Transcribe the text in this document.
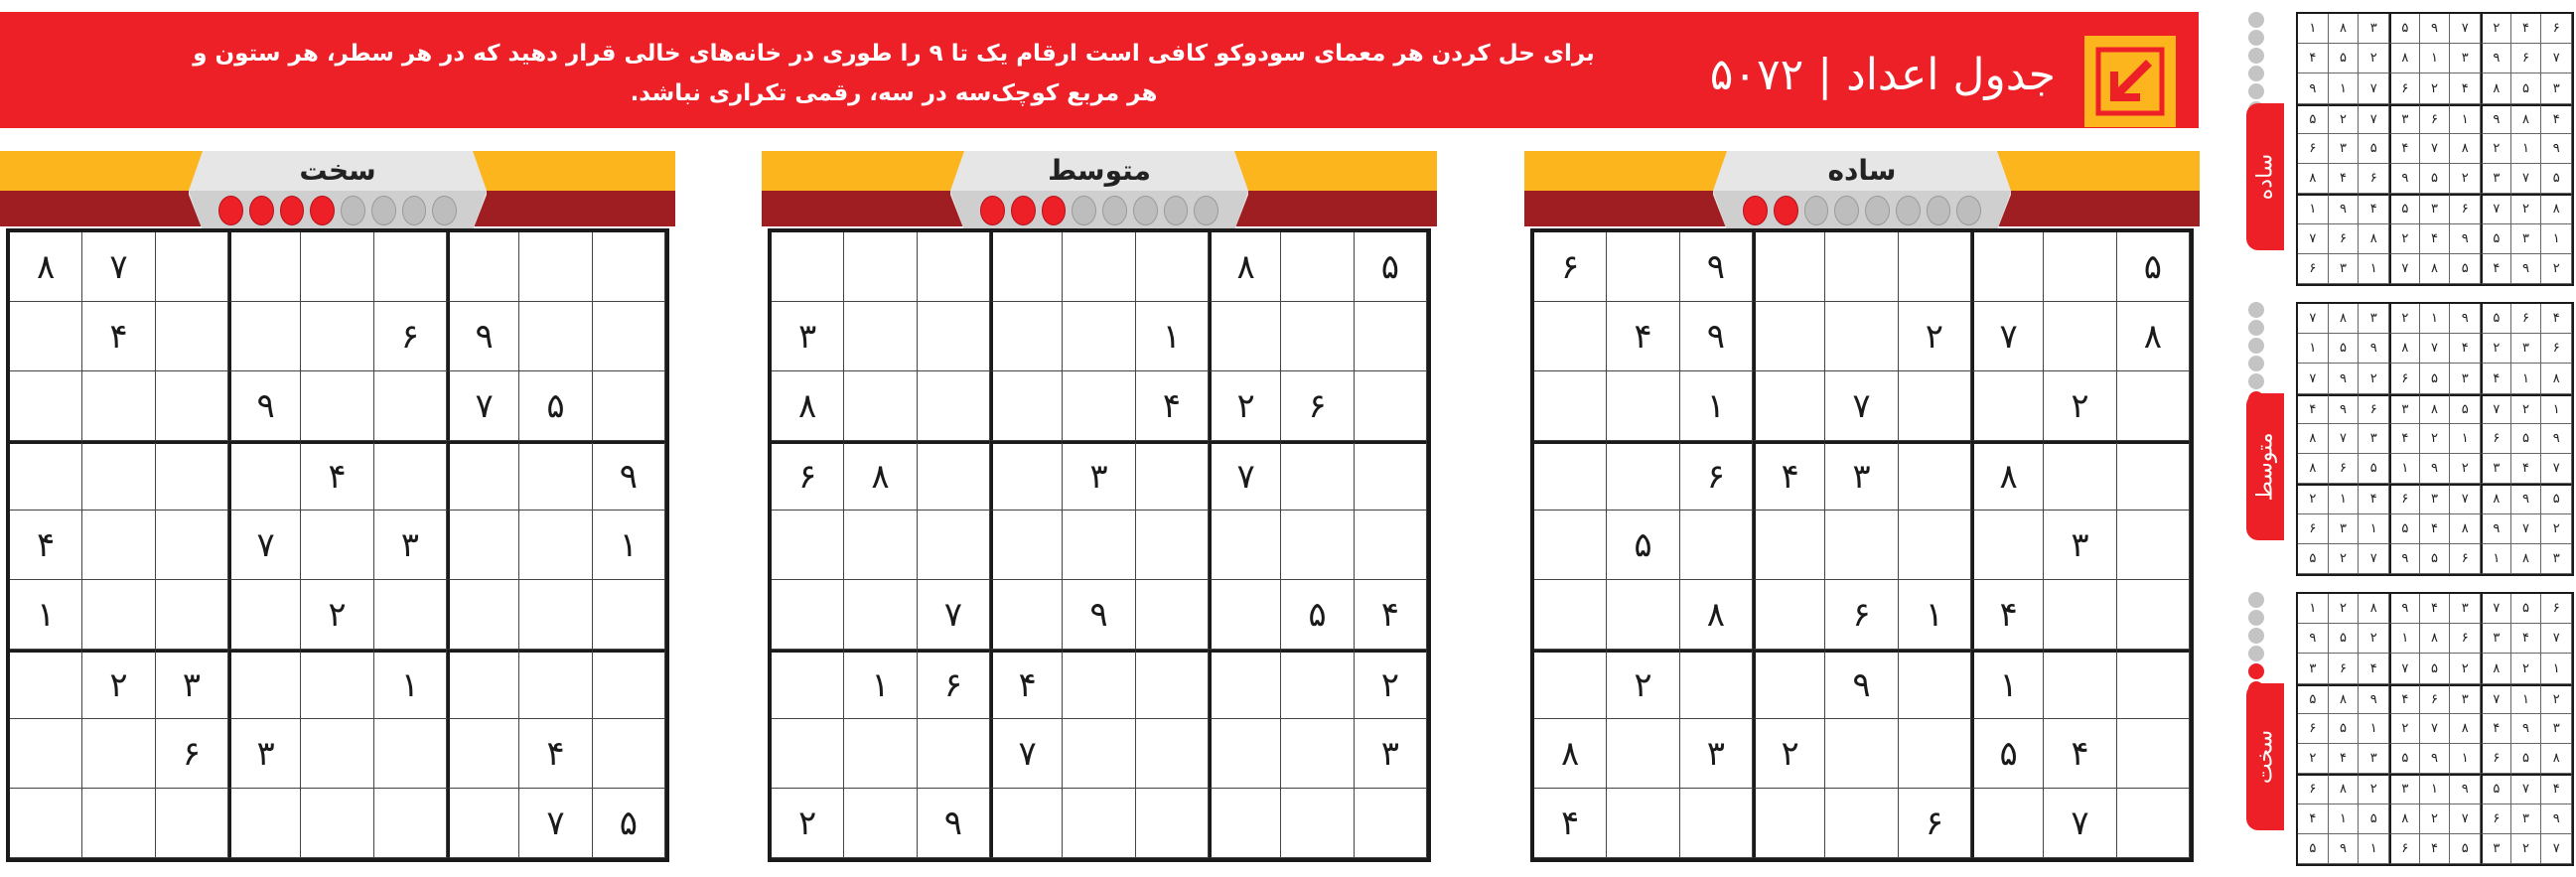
جدول اعداد|۵۰۷۲
برای حل کردن هر معمای سودوکو کافی است ارقام یک تا ۹ را طوری در خانه‌های خالی قرار دهید که در هر سطر، هر ستون و هر مربع کوچک‌سه در سه، رقمی تکراری نباشد.
ساده
۵
۹
۶
۸
۷
۲
۹
۴
۲
۷
۱
۸
۳
۴
۶
۳
۵
۴
۱
۶
۸
۱
۹
۲
۴
۵
۲
۳
۸
۷
۶
۴
متوسط
۵
۸
۱
۳
۶
۲
۴
۸
۷
۳
۸
۶
۴
۵
۹
۷
۲
۴
۶
۱
۳
۷
۹
۲
سخت
۷
۸
۹
۶
۴
۵
۷
۹
۹
۴
۱
۳
۷
۴
۲
۱
۱
۳
۲
۴
۳
۶
۵
۷
ساده
۶
۴
۲
۷
۹
۵
۳
۸
۱
۷
۶
۹
۳
۱
۸
۲
۵
۴
۳
۵
۸
۴
۲
۶
۷
۱
۹
۴
۸
۹
۱
۶
۳
۷
۲
۵
۹
۱
۲
۸
۷
۴
۵
۳
۶
۵
۷
۳
۲
۵
۹
۶
۴
۸
۸
۲
۷
۶
۳
۵
۴
۹
۱
۱
۳
۵
۹
۴
۲
۸
۶
۷
۲
۹
۴
۵
۸
۷
۱
۳
۶
متوسط
۴
۶
۵
۹
۱
۲
۳
۸
۷
۶
۳
۲
۴
۷
۸
۹
۵
۱
۸
۱
۴
۳
۵
۶
۲
۹
۷
۱
۲
۷
۵
۸
۳
۶
۹
۴
۹
۵
۶
۱
۲
۴
۳
۷
۸
۷
۴
۳
۲
۹
۱
۵
۶
۸
۵
۹
۸
۷
۳
۶
۴
۱
۲
۲
۷
۹
۸
۴
۵
۱
۳
۶
۳
۸
۱
۶
۵
۹
۷
۲
۵
سخت
۶
۵
۷
۳
۴
۹
۸
۲
۱
۷
۴
۳
۶
۸
۱
۲
۵
۹
۱
۲
۸
۲
۵
۷
۴
۶
۳
۲
۱
۷
۳
۶
۴
۹
۸
۵
۳
۹
۴
۸
۷
۲
۱
۵
۶
۸
۵
۶
۱
۹
۵
۳
۴
۲
۴
۷
۵
۹
۱
۳
۲
۸
۶
۹
۳
۶
۷
۲
۸
۵
۱
۴
۷
۲
۳
۵
۴
۶
۱
۹
۵
